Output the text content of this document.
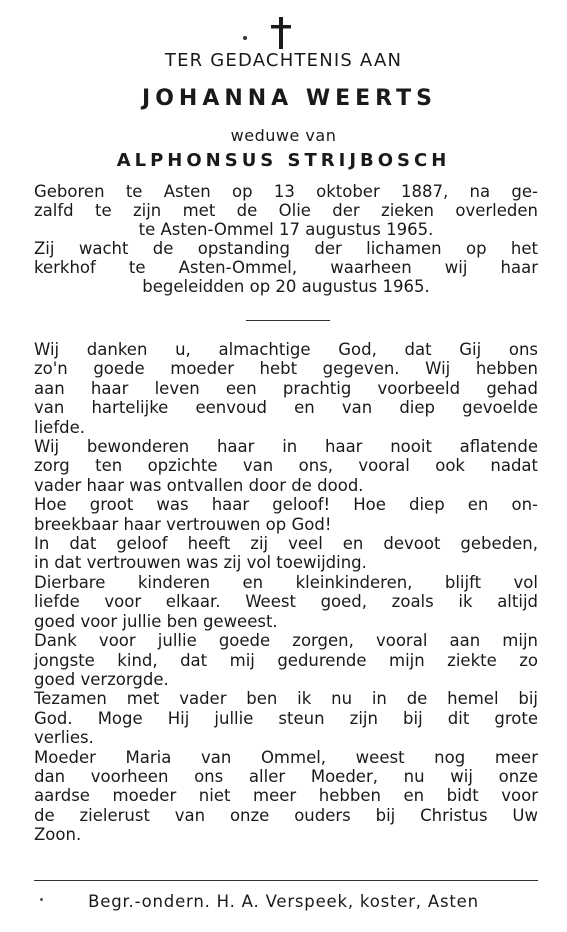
TER GEDACHTENIS AAN
JOHANNA WEERTS
weduwe van
ALPHONSUS STRIJBOSCH
Geboren te Asten op 13 oktober 1887, na ge-
zalfd te zijn met de Olie der zieken overleden
te Asten-Ommel 17 augustus 1965.
Zij wacht de opstanding der lichamen op het
kerkhof te Asten-Ommel, waarheen wij haar
begeleidden op 20 augustus 1965.
Wij danken u, almachtige God, dat Gij ons
zo'n goede moeder hebt gegeven. Wij hebben
aan haar leven een prachtig voorbeeld gehad
van hartelijke eenvoud en van diep gevoelde
liefde.
Wij bewonderen haar in haar nooit aflatende
zorg ten opzichte van ons, vooral ook nadat
vader haar was ontvallen door de dood.
Hoe groot was haar geloof! Hoe diep en on-
breekbaar haar vertrouwen op God!
In dat geloof heeft zij veel en devoot gebeden,
in dat vertrouwen was zij vol toewijding.
Dierbare kinderen en kleinkinderen, blijft vol
liefde voor elkaar. Weest goed, zoals ik altijd
goed voor jullie ben geweest.
Dank voor jullie goede zorgen, vooral aan mijn
jongste kind, dat mij gedurende mijn ziekte zo
goed verzorgde.
Tezamen met vader ben ik nu in de hemel bij
God. Moge Hij jullie steun zijn bij dit grote
verlies.
Moeder Maria van Ommel, weest nog meer
dan voorheen ons aller Moeder, nu wij onze
aardse moeder niet meer hebben en bidt voor
de zielerust van onze ouders bij Christus Uw
Zoon.
Begr.-ondern. H. A. Verspeek, koster, Asten
